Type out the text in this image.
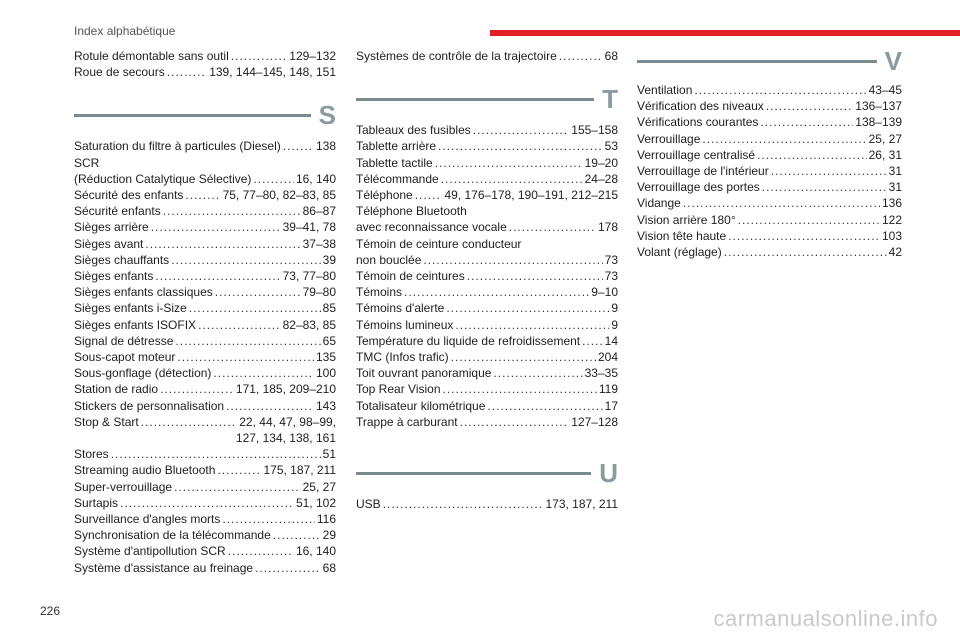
Index alphabétique
Rotule démontable sans outil .....	129–132
Roue de secours .....	139, 144–145, 148, 151
S
Saturation du filtre à particules (Diesel) .....	138
SCR
(Réduction Catalytique Sélective) .....	16, 140
Sécurité des enfants .....	75, 77–80, 82–83, 85
Sécurité enfants .....	86–87
Sièges arrière .....	39–41, 78
Sièges avant .....	37–38
Sièges chauffants .....	39
Sièges enfants .....	73, 77–80
Sièges enfants classiques .....	79–80
Sièges enfants i-Size .....	85
Sièges enfants ISOFIX .....	82–83, 85
Signal de détresse .....	65
Sous-capot moteur .....	135
Sous-gonflage (détection) .....	100
Station de radio .....	171, 185, 209–210
Stickers de personnalisation .....	143
Stop & Start .....	22, 44, 47, 98–99,
127, 134, 138, 161
Stores .....	51
Streaming audio Bluetooth .....	175, 187, 211
Super-verrouillage .....	25, 27
Surtapis .....	51, 102
Surveillance d'angles morts .....	116
Synchronisation de la télécommande .....	29
Système d'antipollution SCR .....	16, 140
Système d'assistance au freinage .....	68
Systèmes de contrôle de la trajectoire .....	68
T
Tableaux des fusibles .....	155–158
Tablette arrière .....	53
Tablette tactile .....	19–20
Télécommande .....	24–28
Téléphone .....	49, 176–178, 190–191, 212–215
Téléphone Bluetooth
avec reconnaissance vocale .....	178
Témoin de ceinture conducteur
non bouclée .....	73
Témoin de ceintures .....	73
Témoins .....	9–10
Témoins d'alerte .....	9
Témoins lumineux .....	9
Température du liquide de refroidissement ..... 14
TMC (Infos trafic) .....	204
Toit ouvrant panoramique .....	33–35
Top Rear Vision .....	119
Totalisateur kilométrique .....	17
Trappe à carburant .....	127–128
U
USB .....	173, 187, 211
V
Ventilation .....	43–45
Vérification des niveaux .....	136–137
Vérifications courantes .....	138–139
Verrouillage .....	25, 27
Verrouillage centralisé .....	26, 31
Verrouillage de l'intérieur .....	31
Verrouillage des portes .....	31
Vidange .....	136
Vision arrière 180° .....	122
Vision tête haute .....	103
Volant (réglage) .....	42
226	carmanualsonline.info
